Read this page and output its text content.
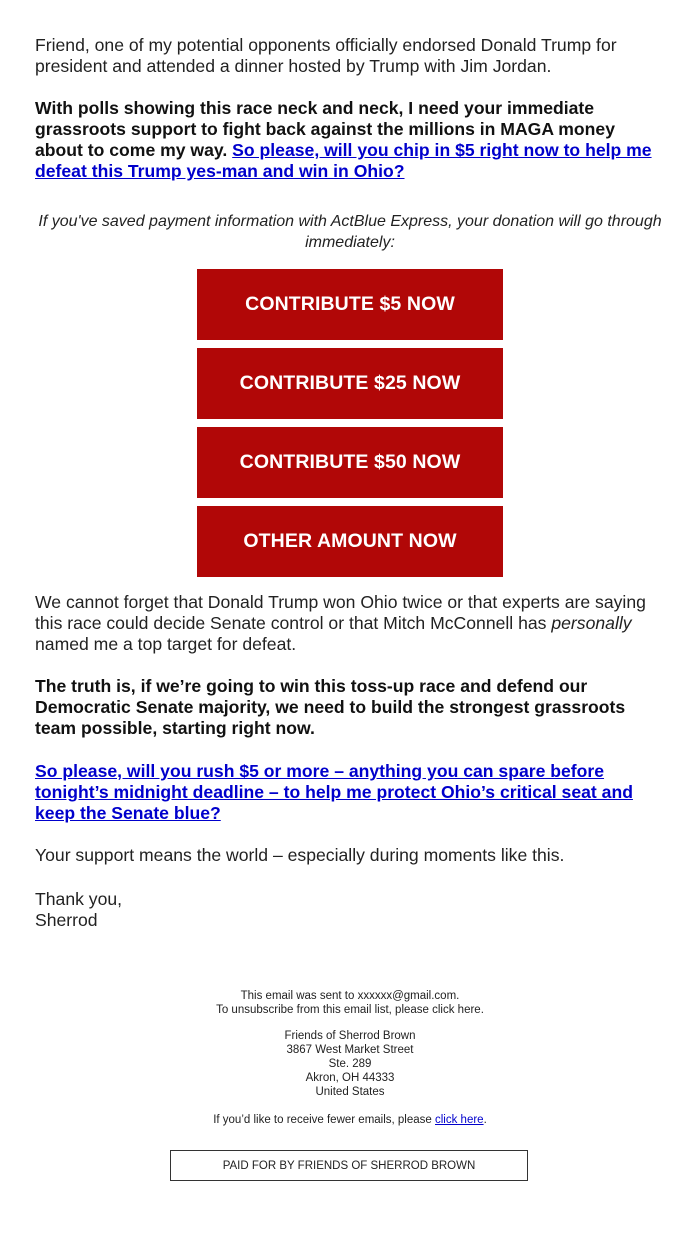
Friend, one of my potential opponents officially endorsed Donald Trump for president and attended a dinner hosted by Trump with Jim Jordan.

With polls showing this race neck and neck, I need your immediate grassroots support to fight back against the millions in MAGA money about to come my way. So please, will you chip in $5 right now to help me defeat this Trump yes-man and win in Ohio?

If you've saved payment information with ActBlue Express, your donation will go through immediately:

CONTRIBUTE $5 NOW
CONTRIBUTE $25 NOW
CONTRIBUTE $50 NOW
OTHER AMOUNT NOW

We cannot forget that Donald Trump won Ohio twice or that experts are saying this race could decide Senate control or that Mitch McConnell has personally named me a top target for defeat.

The truth is, if we’re going to win this toss-up race and defend our Democratic Senate majority, we need to build the strongest grassroots team possible, starting right now.

So please, will you rush $5 or more – anything you can spare before tonight’s midnight deadline – to help me protect Ohio’s critical seat and keep the Senate blue?

Your support means the world – especially during moments like this.

Thank you,

Sherrod

This email was sent to xxxxxx@gmail.com.

To unsubscribe from this email list, please click here.

Friends of Sherrod Brown

3867 West Market Street

Ste. 289

Akron, OH 44333

United States

If you’d like to receive fewer emails, please click here.

PAID FOR BY FRIENDS OF SHERROD BROWN
